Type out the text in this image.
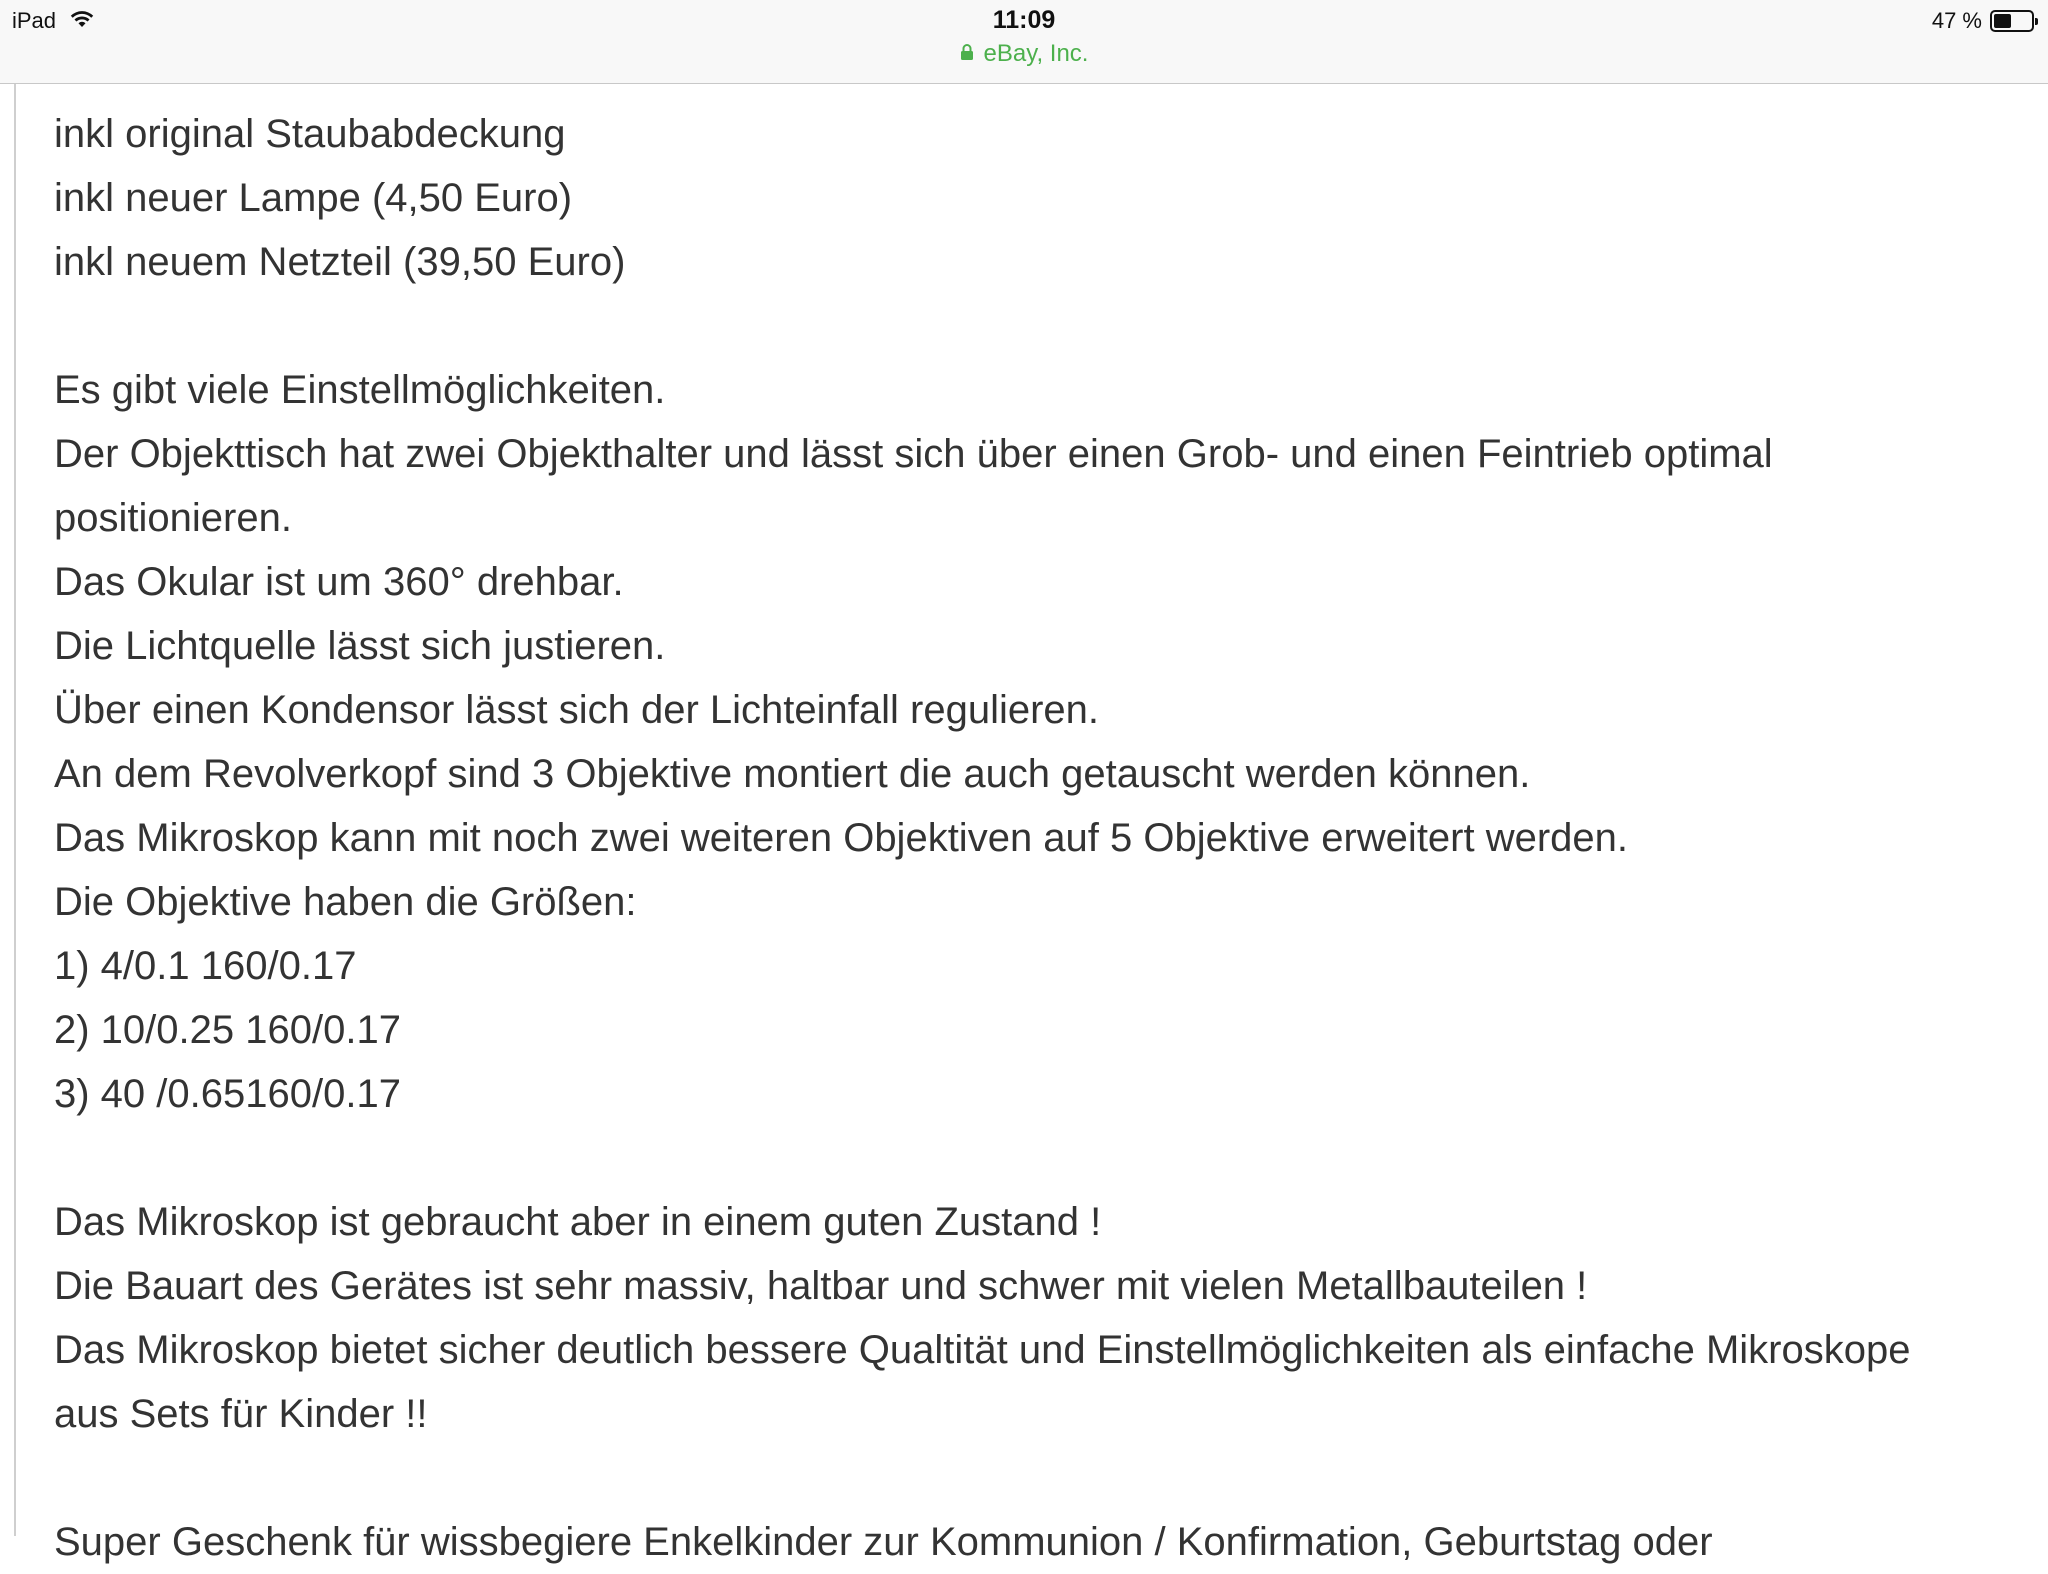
iPad	11:09
eBay, Inc.
47 %
inkl original Staubabdeckung
inkl neuer Lampe (4,50 Euro)
inkl neuem Netzteil (39,50 Euro)
Es gibt viele Einstellmöglichkeiten.
Der Objekttisch hat zwei Objekthalter und lässt sich über einen Grob- und einen Feintrieb optimal
positionieren.
Das Okular ist um 360° drehbar.
Die Lichtquelle lässt sich justieren.
Über einen Kondensor lässt sich der Lichteinfall regulieren.
An dem Revolverkopf sind 3 Objektive montiert die auch getauscht werden können.
Das Mikroskop kann mit noch zwei weiteren Objektiven auf 5 Objektive erweitert werden.
Die Objektive haben die Größen:
1) 4/0.1 160/0.17
2) 10/0.25 160/0.17
3) 40 /0.65160/0.17
Das Mikroskop ist gebraucht aber in einem guten Zustand !
Die Bauart des Gerätes ist sehr massiv, haltbar und schwer mit vielen Metallbauteilen !
Das Mikroskop bietet sicher deutlich bessere Qualtität und Einstellmöglichkeiten als einfache Mikroskope
aus Sets für Kinder !!
Super Geschenk für wissbegiere Enkelkinder zur Kommunion / Konfirmation, Geburtstag oder
